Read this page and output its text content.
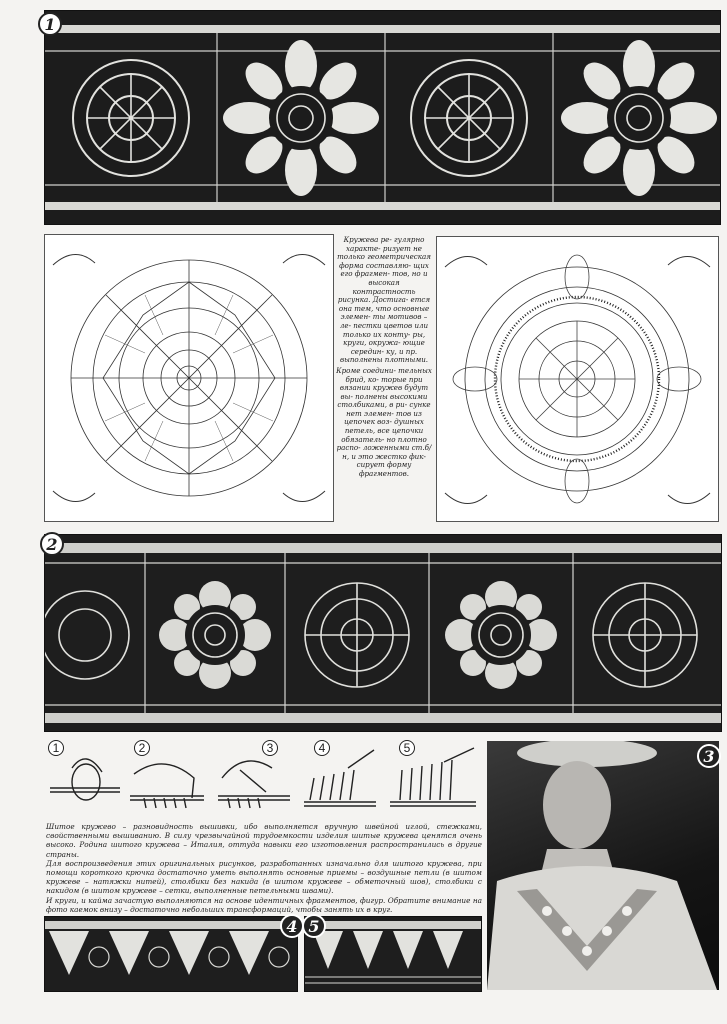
1

Кружева ре- гулярно характе- ризует не только геометрическая форма составляю- щих его фрагмен- тов, но и высокая контрастность рисунка. Достига- ется она тем, что основные элемен- ты мотивов – ле- пестки цветов или только их конту- ры, круги, окружа- ющие середин- ку, и пр. выполнены плотными.

Кроме соедини- тельных брид, ко- торые при вязании кружев будут вы- полнены высокими столбиками, в ри- сунке нет элемен- тов из цепочек воз- душных петель, все цепочки обязатель- но плотно распо- ложенными ст.б/н, и это жестко фик- сирует форму фрагментов.

2
1	2	3	4	5

Шитое кружево – разновидность вышивки, ибо выполняется вручную швейной иглой, стежками, свойственными вышиванию. В силу чрезвычайной трудоемкости изделия шитые кружева ценятся очень высоко. Родина шитого кружева – Италия, оттуда навыки его изготовления распространились в другие страны.

Для воспроизведения этих оригинальных рисунков, разработанных изначально для шитого кружева, при помощи короткого крючка достаточно уметь выполнять основные приемы – воздушные петли (в шитом кружеве – натяжки нитей), столбики без накида (в шитом кружеве – обметочный шов), столбики с накидом (в шитом кружеве – сетки, выполненные петельными швами).

И круги, и кайма зачастую выполняются на основе идентичных фрагментов, фигур. Обратите внимание на фото каемок внизу – достаточно небольших трансформаций, чтобы занять их в круг.

4 5
3
